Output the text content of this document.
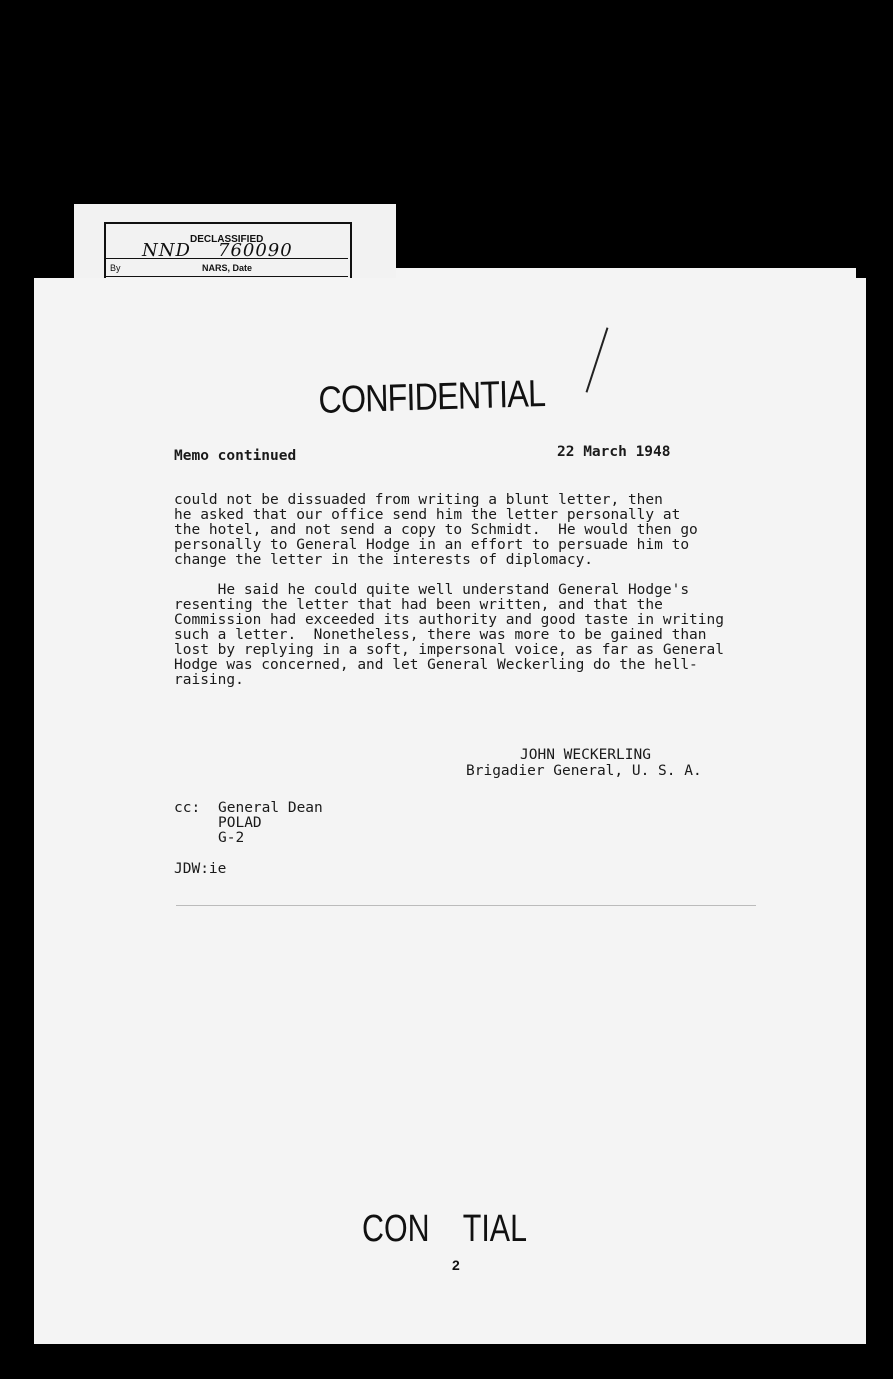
DECLASSIFIED
NND 760090
By	NARS, Date
CONFIDENTIAL
Memo continued	22 March 1948
could not be dissuaded from writing a blunt letter, then
he asked that our office send him the letter personally at
the hotel, and not send a copy to Schmidt.  He would then go
personally to General Hodge in an effort to persuade him to
change the letter in the interests of diplomacy.
He said he could quite well understand General Hodge's
resenting the letter that had been written, and that the
Commission had exceeded its authority and good taste in writing
such a letter.  Nonetheless, there was more to be gained than
lost by replying in a soft, impersonal voice, as far as General
Hodge was concerned, and let General Weckerling do the hell-
raising.
JOHN WECKERLING
Brigadier General, U. S. A.
cc: General Dean
POLAD
G-2
JDW:ie
CON    TIAL
2
